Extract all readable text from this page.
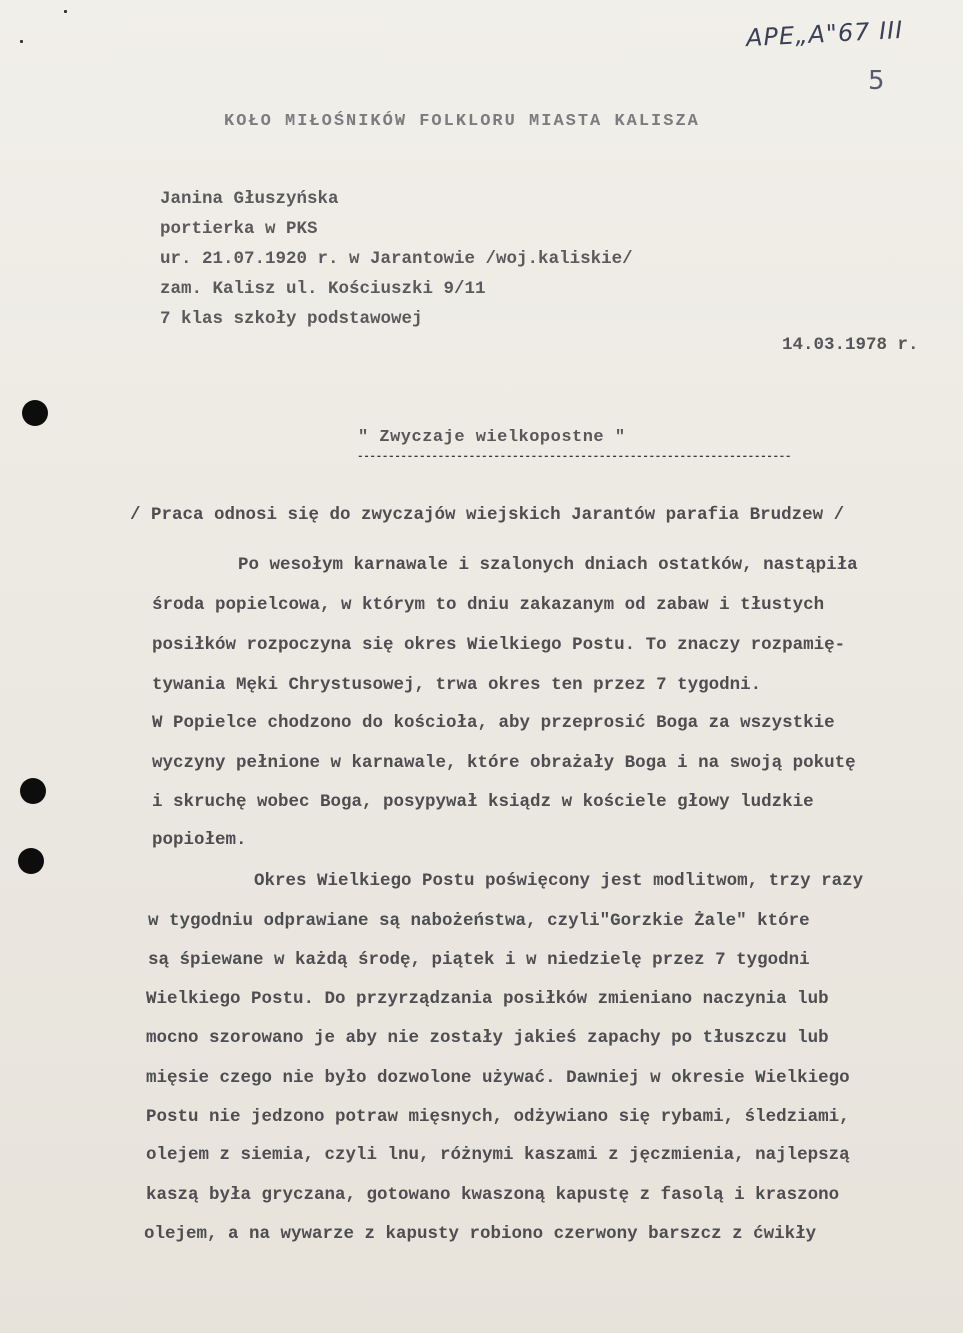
APE„A"67 III
5
KOŁO MIŁOŚNIKÓW FOLKLORU MIASTA KALISZA
Janina Głuszyńska
portierka w PKS
ur. 21.07.1920 r. w Jarantowie /woj.kaliskie/
zam. Kalisz ul. Kościuszki 9/11
7 klas szkoły podstawowej
14.03.1978 r.
" Zwyczaje wielkopostne "
----------------------------------------------------------------------
/ Praca odnosi się do zwyczajów wiejskich Jarantów parafia Brudzew /
Po wesołym karnawale i szalonych dniach ostatków, nastąpiła
środa popielcowa, w którym to dniu zakazanym od zabaw i tłustych
posiłków rozpoczyna się okres Wielkiego Postu. To znaczy rozpamię-
tywania Męki Chrystusowej, trwa okres ten przez 7 tygodni.
W Popielce chodzono do kościoła, aby przeprosić Boga za wszystkie
wyczyny pełnione w karnawale, które obrażały Boga i na swoją pokutę
i skruchę wobec Boga, posypywał ksiądz w kościele głowy ludzkie
popiołem.
Okres Wielkiego Postu poświęcony jest modlitwom, trzy razy
w tygodniu odprawiane są nabożeństwa, czyli"Gorzkie Żale" które
są śpiewane w każdą środę, piątek i w niedzielę przez 7 tygodni
Wielkiego Postu. Do przyrządzania posiłków zmieniano naczynia lub
mocno szorowano je aby nie zostały jakieś zapachy po tłuszczu lub
mięsie czego nie było dozwolone używać. Dawniej w okresie Wielkiego
Postu nie jedzono potraw mięsnych, odżywiano się rybami, śledziami,
olejem z siemia, czyli lnu, różnymi kaszami z jęczmienia, najlepszą
kaszą była gryczana, gotowano kwaszoną kapustę z fasolą i kraszono
olejem, a na wywarze z kapusty robiono czerwony barszcz z ćwikły
